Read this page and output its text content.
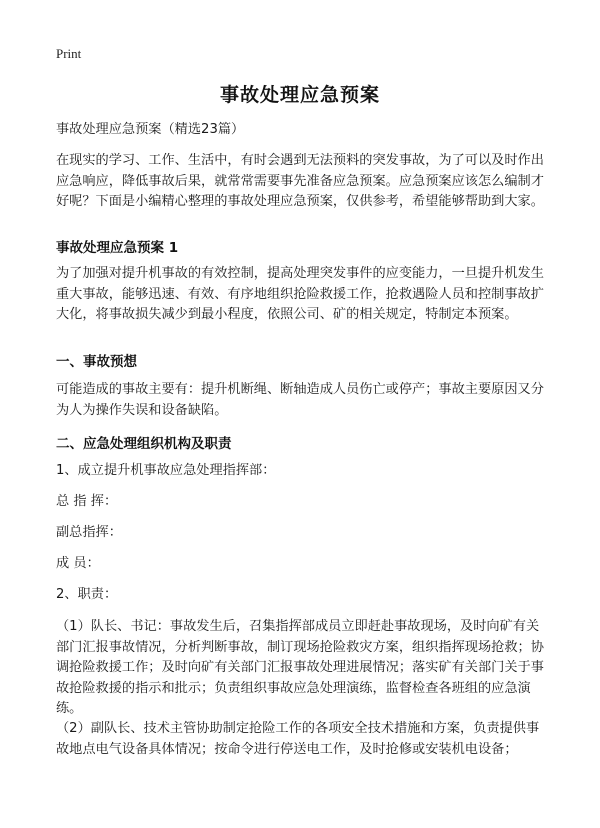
Print
事故处理应急预案

事故处理应急预案（精选23篇）

在现实的学习、工作、生活中，有时会遇到无法预料的突发事故，为了可以及时作出应急响应，降低事故后果，就常常需要事先准备应急预案。应急预案应该怎么编制才好呢？下面是小编精心整理的事故处理应急预案，仅供参考，希望能够帮助到大家。

事故处理应急预案 1

为了加强对提升机事故的有效控制，提高处理突发事件的应变能力，一旦提升机发生重大事故，能够迅速、有效、有序地组织抢险救援工作，抢救遇险人员和控制事故扩大化，将事故损失减少到最小程度，依照公司、矿的相关规定，特制定本预案。

一、事故预想

可能造成的事故主要有：提升机断绳、断轴造成人员伤亡或停产；事故主要原因又分为人为操作失误和设备缺陷。

二、应急处理组织机构及职责

1、成立提升机事故应急处理指挥部：

总 指 挥：

副总指挥：

成 员：

2、职责：

（1）队长、书记：事故发生后，召集指挥部成员立即赶赴事故现场，及时向矿有关部门汇报事故情况，分析判断事故，制订现场抢险救灾方案，组织指挥现场抢救；协调抢险救援工作；及时向矿有关部门汇报事故处理进展情况；落实矿有关部门关于事故抢险救援的指示和批示；负责组织事故应急处理演练，监督检查各班组的应急演练。

（2）副队长、技术主管协助制定抢险工作的各项安全技术措施和方案，负责提供事故地点电气设备具体情况；按命令进行停送电工作，及时抢修或安装机电设备；
